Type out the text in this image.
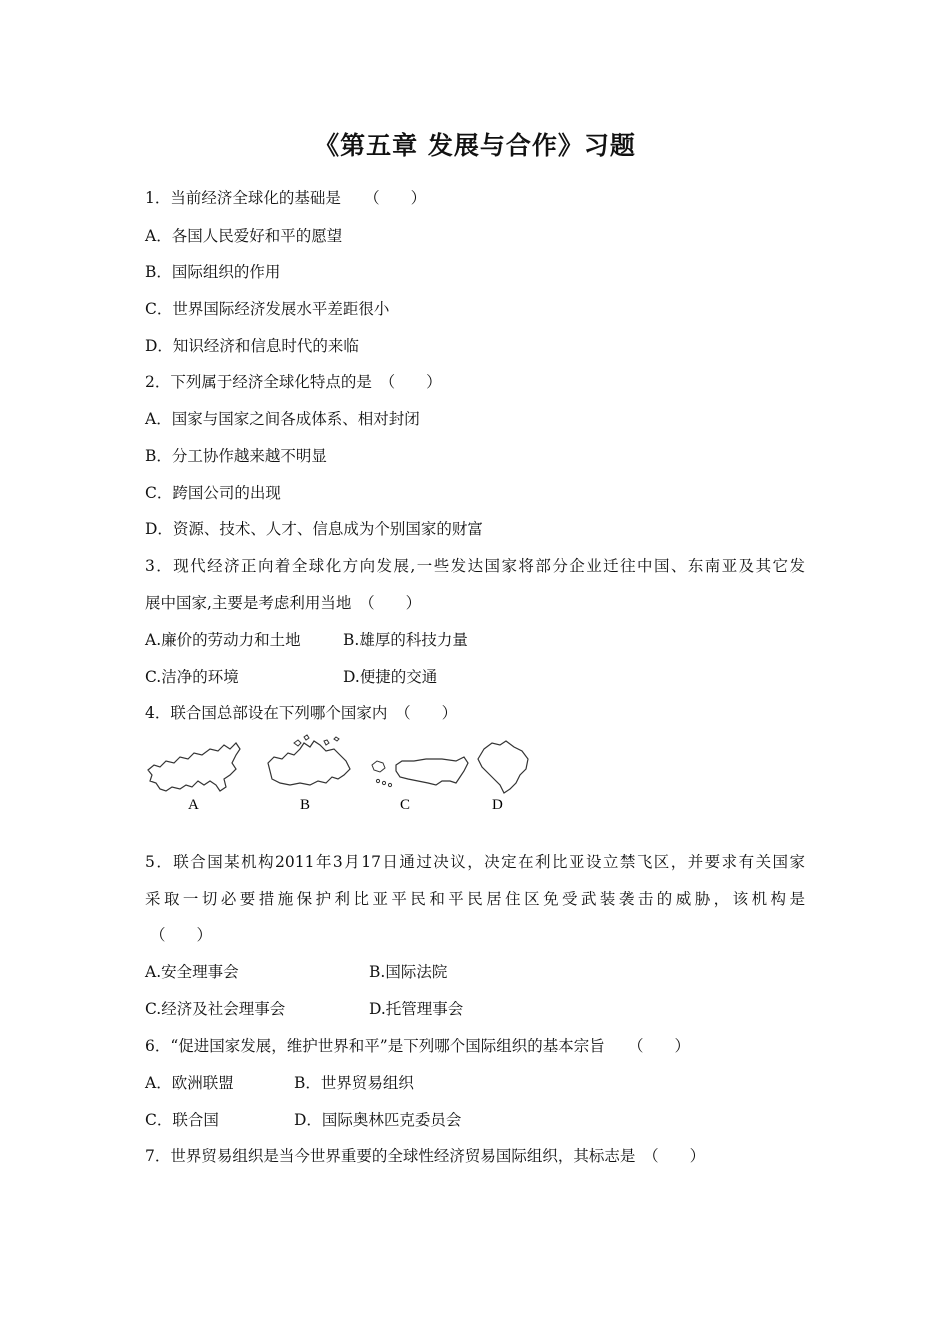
《第五章 发展与合作》习题
1．当前经济全球化的基础是　　（　　）
A．各国人民爱好和平的愿望
B．国际组织的作用
C．世界国际经济发展水平差距很小
D．知识经济和信息时代的来临
2．下列属于经济全球化特点的是　（　　）
A．国家与国家之间各成体系、相对封闭
B．分工协作越来越不明显
C．跨国公司的出现
D．资源、技术、人才、信息成为个别国家的财富
3．现代经济正向着全球化方向发展,一些发达国家将部分企业迁往中国、东南亚及其它发
展中国家,主要是考虑利用当地　（　　）
A.廉价的劳动力和土地	B.雄厚的科技力量
C.洁净的环境	D.便捷的交通
4．联合国总部设在下列哪个国家内　（　　）
A	B	C	D
5．联合国某机构2011年3月17日通过决议，决定在利比亚设立禁飞区，并要求有关国家
采取一切必要措施保护利比亚平民和平民居住区免受武装袭击的威胁，该机构是
（　　）
A.安全理事会	B.国际法院
C.经济及社会理事会	D.托管理事会
6．“促进国家发展，维护世界和平”是下列哪个国际组织的基本宗旨　　（　　）
A．欧洲联盟	B．世界贸易组织
C．联合国	D．国际奥林匹克委员会
7．世界贸易组织是当今世界重要的全球性经济贸易国际组织，其标志是　（　　）
